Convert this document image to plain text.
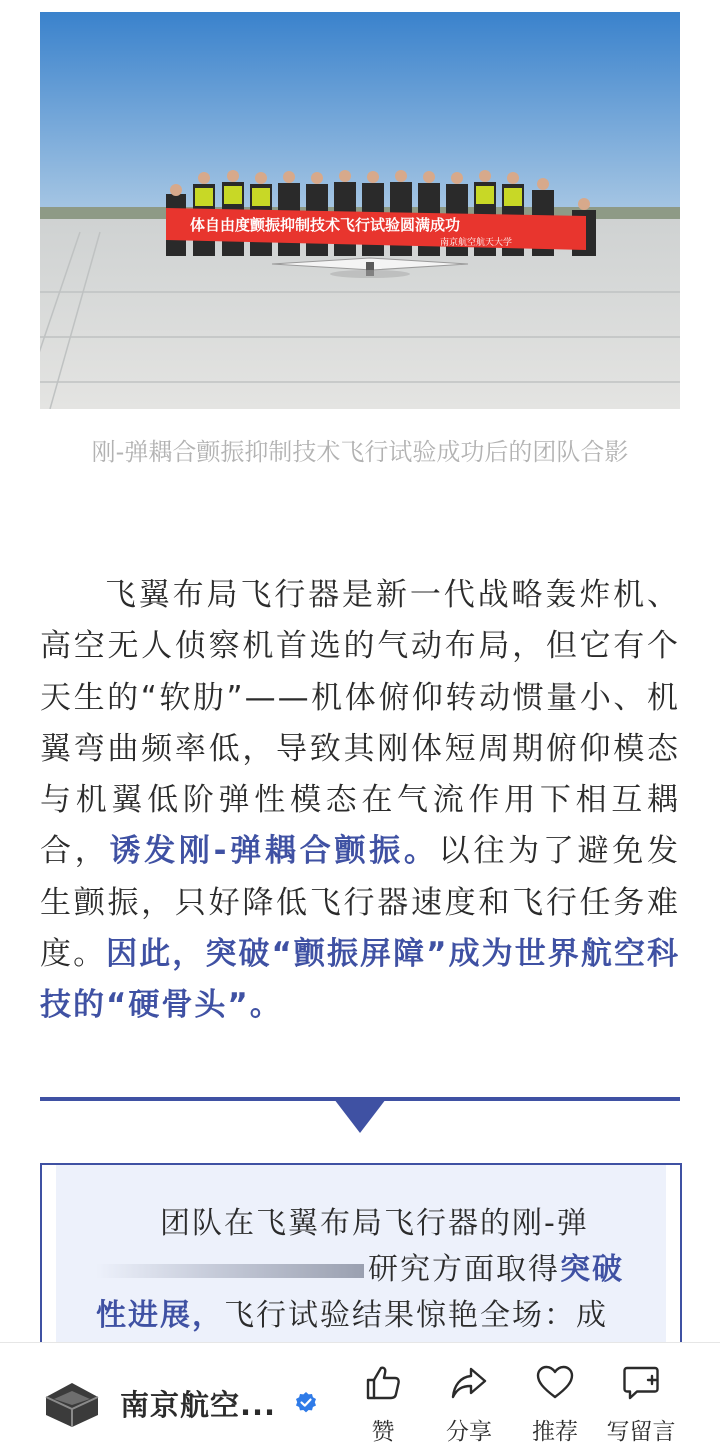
体自由度颤振抑制技术飞行试验圆满成功
南京航空航天大学
刚-弹耦合颤振抑制技术飞行试验成功后的团队合影
飞翼布局飞行器是新一代战略轰炸机、高空无人侦察机首选的气动布局，但它有个天生的“软肋”——机体俯仰转动惯量小、机翼弯曲频率低，导致其刚体短周期俯仰模态与机翼低阶弹性模态在气流作用下相互耦合，诱发刚-弹耦合颤振。以往为了避免发生颤振，只好降低飞行器速度和飞行任务难度。因此，突破“颤振屏障”成为世界航空科技的“硬骨头”。
团队在飞翼布局飞行器的刚-弹
研究方面取得突破性进展，飞行试验结果惊艳全场：成
南京航空...
赞	分享	推荐	写留言
